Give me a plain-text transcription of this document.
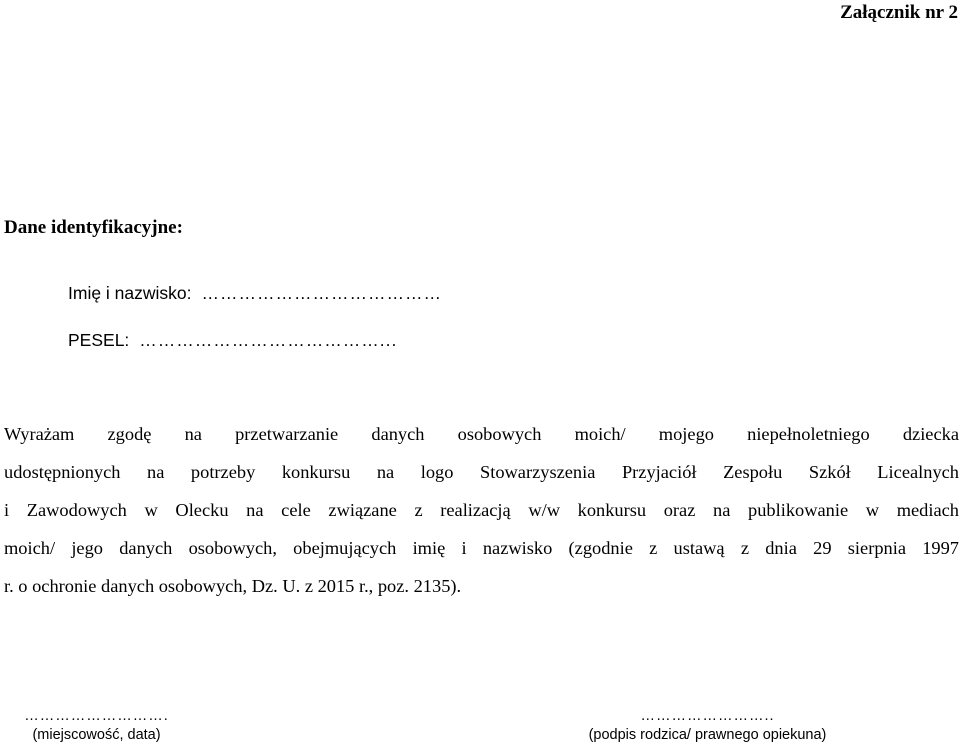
Załącznik nr 2
Dane identyfikacyjne:
Imię i nazwisko: …………………………………
PESEL: …………………………………...
Wyrażam zgodę na przetwarzanie danych osobowych moich/ mojego niepełnoletniego dziecka
udostępnionych na potrzeby konkursu na logo Stowarzyszenia Przyjaciół Zespołu Szkół Licealnych
i Zawodowych w Olecku na cele związane z realizacją w/w konkursu oraz na publikowanie w mediach
moich/ jego danych osobowych, obejmujących imię i nazwisko (zgodnie z ustawą z dnia 29 sierpnia 1997
r. o ochronie danych osobowych, Dz. U. z 2015 r., poz. 2135).
……………………….
(miejscowość, data)
……………………..
(podpis rodzica/ prawnego opiekuna)
